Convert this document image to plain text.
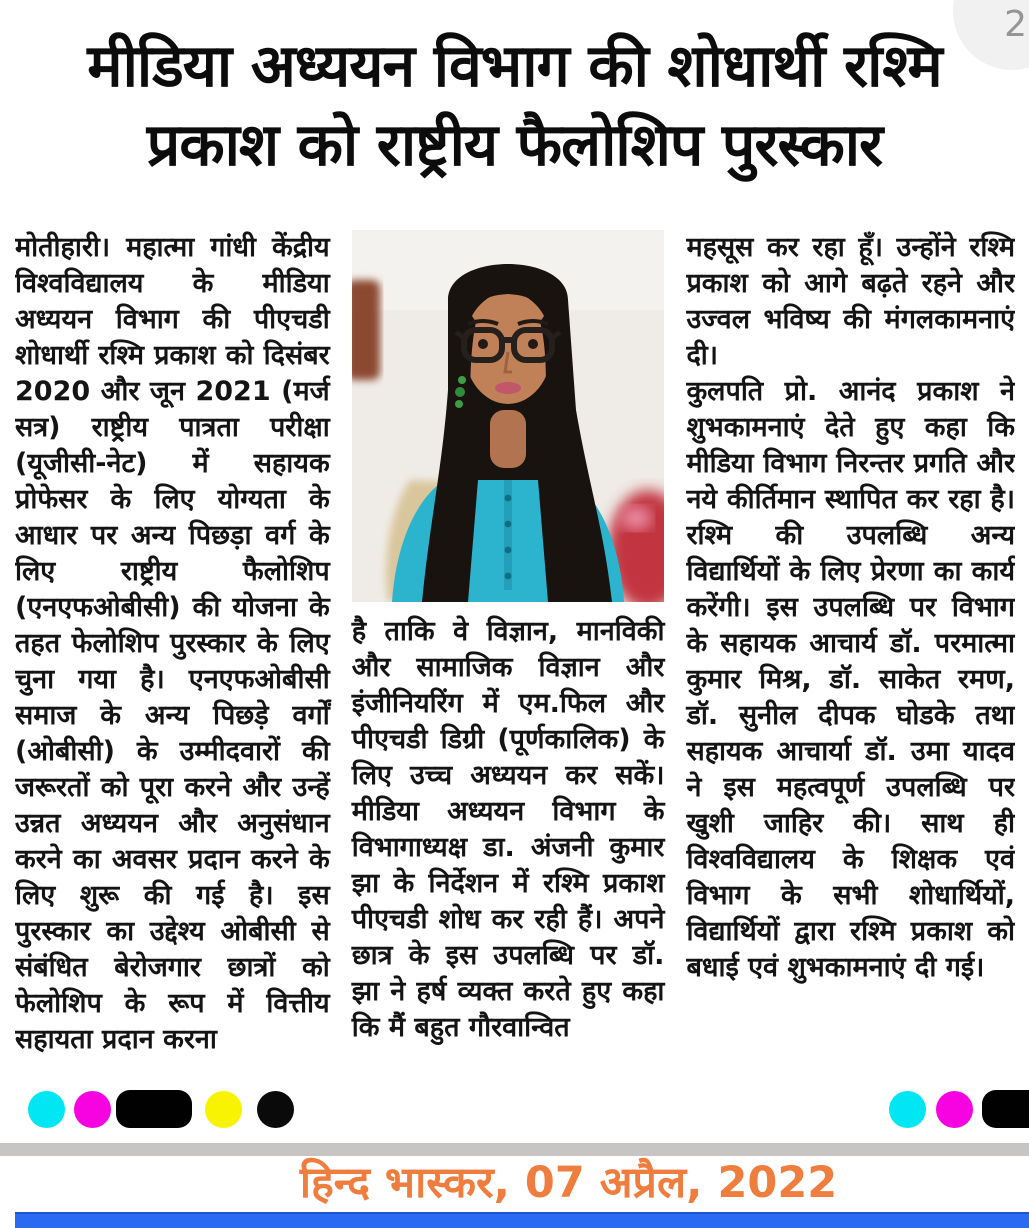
2
मीडिया अध्ययन विभाग की शोधार्थी रश्मि
प्रकाश को राष्ट्रीय फैलोशिप पुरस्कार

मोतीहारी। महात्मा गांधी केंद्रीय विश्वविद्यालय के मीडिया अध्ययन विभाग की पीएचडी शोधार्थी रश्मि प्रकाश को दिसंबर 2020 और जून 2021 (मर्ज सत्र) राष्ट्रीय पात्रता परीक्षा (यूजीसी-नेट) में सहायक प्रोफेसर के लिए योग्यता के आधार पर अन्य पिछड़ा वर्ग के लिए राष्ट्रीय फैलोशिप (एनएफओबीसी) की योजना के तहत फेलोशिप पुरस्कार के लिए चुना गया है। एनएफओबीसी समाज के अन्य पिछड़े वर्गों (ओबीसी) के उम्मीदवारों की जरूरतों को पूरा करने और उन्हें उन्नत अध्ययन और अनुसंधान करने का अवसर प्रदान करने के लिए शुरू की गई है। इस पुरस्कार का उद्देश्य ओबीसी से संबंधित बेरोजगार छात्रों को फेलोशिप के रूप में वित्तीय सहायता प्रदान करना

है ताकि वे विज्ञान, मानविकी और सामाजिक विज्ञान और इंजीनियरिंग में एम.फिल और पीएचडी डिग्री (पूर्णकालिक) के लिए उच्च अध्ययन कर सकें। मीडिया अध्ययन विभाग के विभागाध्यक्ष डा. अंजनी कुमार झा के निर्देशन में रश्मि प्रकाश पीएचडी शोध कर रही हैं। अपने छात्र के इस उपलब्धि पर डॉ. झा ने हर्ष व्यक्त करते हुए कहा कि मैं बहुत गौरवान्वित

महसूस कर रहा हूँ। उन्होंने रश्मि प्रकाश को आगे बढ़ते रहने और उज्वल भविष्य की मंगलकामनाएं दी।

कुलपति प्रो. आनंद प्रकाश ने शुभकामनाएं देते हुए कहा कि मीडिया विभाग निरन्तर प्रगति और नये कीर्तिमान स्थापित कर रहा है। रश्मि की उपलब्धि अन्य विद्यार्थियों के लिए प्रेरणा का कार्य करेंगी। इस उपलब्धि पर विभाग के सहायक आचार्य डॉ. परमात्मा कुमार मिश्र, डॉ. साकेत रमण, डॉ. सुनील दीपक घोडके तथा सहायक आचार्या डॉ. उमा यादव ने इस महत्वपूर्ण उपलब्धि पर खुशी जाहिर की। साथ ही विश्वविद्यालय के शिक्षक एवं विभाग के सभी शोधार्थियों, विद्यार्थियों द्वारा रश्मि प्रकाश को बधाई एवं शुभकामनाएं दी गई।

हिन्द भास्कर, 07 अप्रैल, 2022
